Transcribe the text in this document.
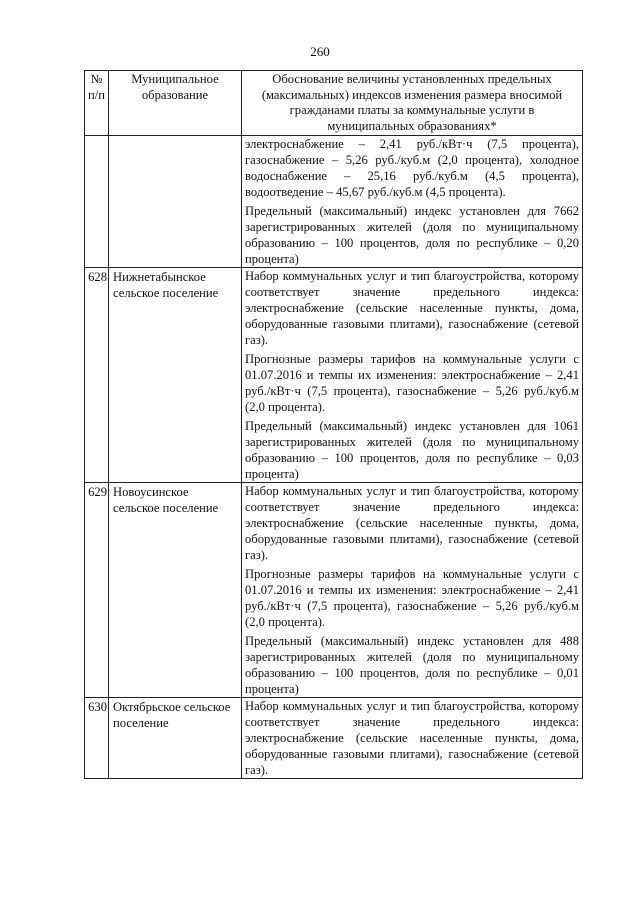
260
№ п/п	Муниципальное образование	Обоснование величины установленных предельных (максимальных) индексов изменения размера вносимой гражданами платы за коммунальные услуги в муниципальных образованиях*

		электроснабжение – 2,41 руб./кВт·ч (7,5 процента), газоснабжение – 5,26 руб./куб.м (2,0 процента), холодное водоснабжение – 25,16 руб./куб.м (4,5 процента), водоотведение – 45,67 руб./куб.м (4,5 процента).

Предельный (максимальный) индекс установлен для 7662 зарегистрированных жителей (доля по муниципальному образованию – 100 процентов, доля по республике – 0,20 процента)

628	Нижнетабынское сельское поселение	Набор коммунальных услуг и тип благоустройства, которому соответствует значение предельного индекса: электроснабжение (сельские населенные пункты, дома, оборудованные газовыми плитами), газоснабжение (сетевой газ).

Прогнозные размеры тарифов на коммунальные услуги с 01.07.2016 и темпы их изменения: электроснабжение – 2,41 руб./кВт·ч (7,5 процента), газоснабжение – 5,26 руб./куб.м (2,0 процента).

Предельный (максимальный) индекс установлен для 1061 зарегистрированных жителей (доля по муниципальному образованию – 100 процентов, доля по республике – 0,03 процента)

629	Новоусинское сельское поселение	Набор коммунальных услуг и тип благоустройства, которому соответствует значение предельного индекса: электроснабжение (сельские населенные пункты, дома, оборудованные газовыми плитами), газоснабжение (сетевой газ).

Прогнозные размеры тарифов на коммунальные услуги с 01.07.2016 и темпы их изменения: электроснабжение – 2,41 руб./кВт·ч (7,5 процента), газоснабжение – 5,26 руб./куб.м (2,0 процента).

Предельный (максимальный) индекс установлен для 488 зарегистрированных жителей (доля по муниципальному образованию – 100 процентов, доля по республике – 0,01 процента)

630	Октябрьское сельское поселение	Набор коммунальных услуг и тип благоустройства, которому соответствует значение предельного индекса: электроснабжение (сельские населенные пункты, дома, оборудованные газовыми плитами), газоснабжение (сетевой газ).
